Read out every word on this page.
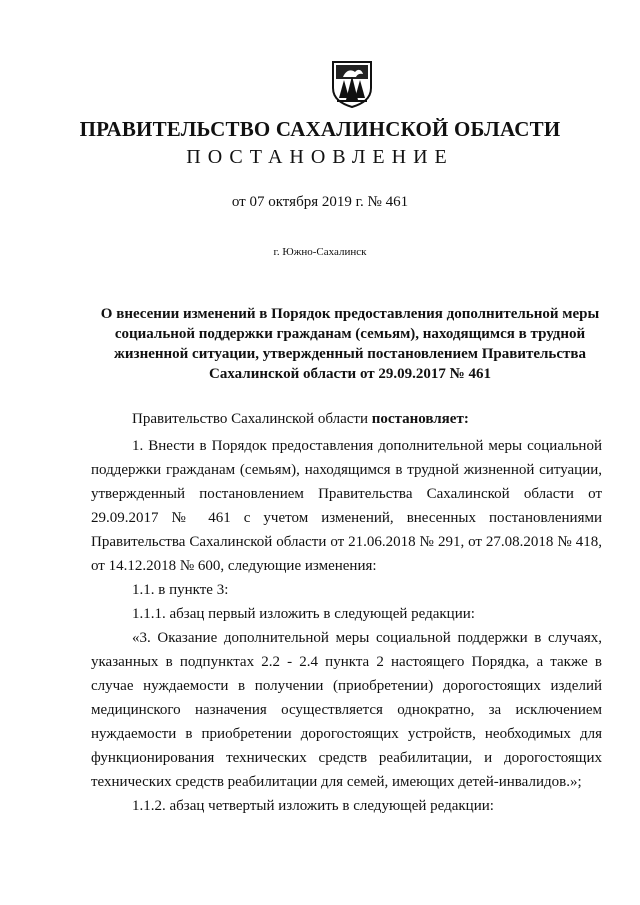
ПРАВИТЕЛЬСТВО САХАЛИНСКОЙ ОБЛАСТИ
ПОСТАНОВЛЕНИЕ
от 07 октября 2019 г. № 461
г. Южно-Сахалинск
О внесении изменений в Порядок предоставления дополнительной меры социальной поддержки гражданам (семьям), находящимся в трудной жизненной ситуации, утвержденный постановлением Правительства Сахалинской области от 29.09.2017 № 461

Правительство Сахалинской области постановляет:

1. Внести в Порядок предоставления дополнительной меры социальной поддержки гражданам (семьям), находящимся в трудной жизненной ситуации, утвержденный постановлением Правительства Сахалинской области от 29.09.2017 № 461 с учетом изменений, внесенных постановлениями Правительства Сахалинской области от 21.06.2018 № 291, от 27.08.2018 № 418, от 14.12.2018 № 600, следующие изменения:

1.1. в пункте 3:

1.1.1. абзац первый изложить в следующей редакции:

«3. Оказание дополнительной меры социальной поддержки в случаях, указанных в подпунктах 2.2 - 2.4 пункта 2 настоящего Порядка, а также в случае нуждаемости в получении (приобретении) дорогостоящих изделий медицинского назначения осуществляется однократно, за исключением нуждаемости в приобретении дорогостоящих устройств, необходимых для функционирования технических средств реабилитации, и дорогостоящих технических средств реабилитации для семей, имеющих детей-инвалидов.»;

1.1.2. абзац четвертый изложить в следующей редакции:
